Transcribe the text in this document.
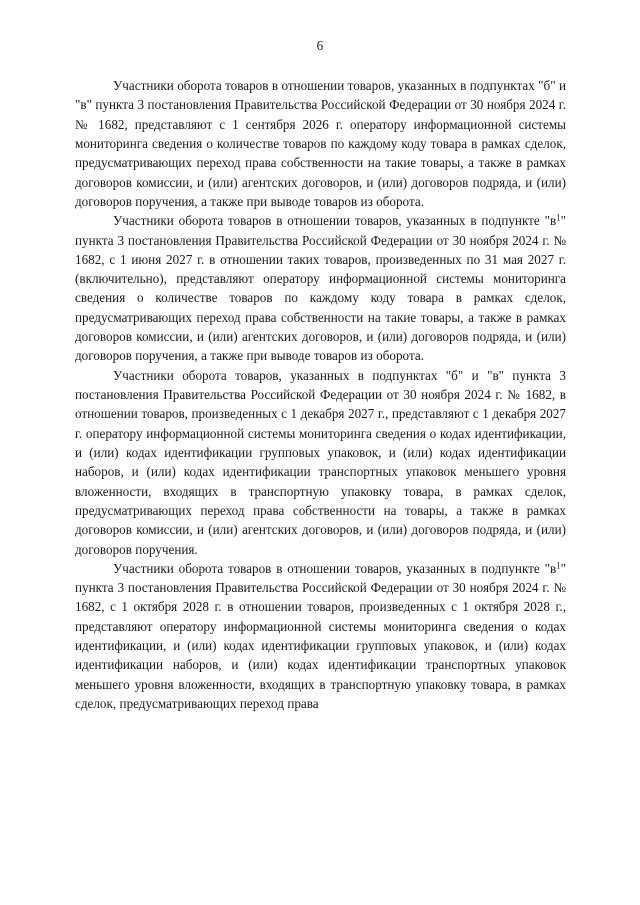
6

Участники оборота товаров в отношении товаров, указанных в подпунктах "б" и "в" пункта 3 постановления Правительства Российской Федерации от 30 ноября 2024 г. № 1682, представляют с 1 сентября 2026 г. оператору информационной системы мониторинга сведения о количестве товаров по каждому коду товара в рамках сделок, предусматривающих переход права собственности на такие товары, а также в рамках договоров комиссии, и (или) агентских договоров, и (или) договоров подряда, и (или) договоров поручения, а также при выводе товаров из оборота.

Участники оборота товаров в отношении товаров, указанных в подпункте "$в^1$" пункта 3 постановления Правительства Российской Федерации от 30 ноября 2024 г. № 1682, с 1 июня 2027 г. в отношении таких товаров, произведенных по 31 мая 2027 г. (включительно), представляют оператору информационной системы мониторинга сведения о количестве товаров по каждому коду товара в рамках сделок, предусматривающих переход права собственности на такие товары, а также в рамках договоров комиссии, и (или) агентских договоров, и (или) договоров подряда, и (или) договоров поручения, а также при выводе товаров из оборота.

Участники оборота товаров, указанных в подпунктах "б" и "в" пункта 3 постановления Правительства Российской Федерации от 30 ноября 2024 г. № 1682, в отношении товаров, произведенных с 1 декабря 2027 г., представляют с 1 декабря 2027 г. оператору информационной системы мониторинга сведения о кодах идентификации, и (или) кодах идентификации групповых упаковок, и (или) кодах идентификации наборов, и (или) кодах идентификации транспортных упаковок меньшего уровня вложенности, входящих в транспортную упаковку товара, в рамках сделок, предусматривающих переход права собственности на товары, а также в рамках договоров комиссии, и (или) агентских договоров, и (или) договоров подряда, и (или) договоров поручения.

Участники оборота товаров в отношении товаров, указанных в подпункте "$в^1$" пункта 3 постановления Правительства Российской Федерации от 30 ноября 2024 г. № 1682, с 1 октября 2028 г. в отношении товаров, произведенных с 1 октября 2028 г., представляют оператору информационной системы мониторинга сведения о кодах идентификации, и (или) кодах идентификации групповых упаковок, и (или) кодах идентификации наборов, и (или) кодах идентификации транспортных упаковок меньшего уровня вложенности, входящих в транспортную упаковку товара, в рамках сделок, предусматривающих переход права
